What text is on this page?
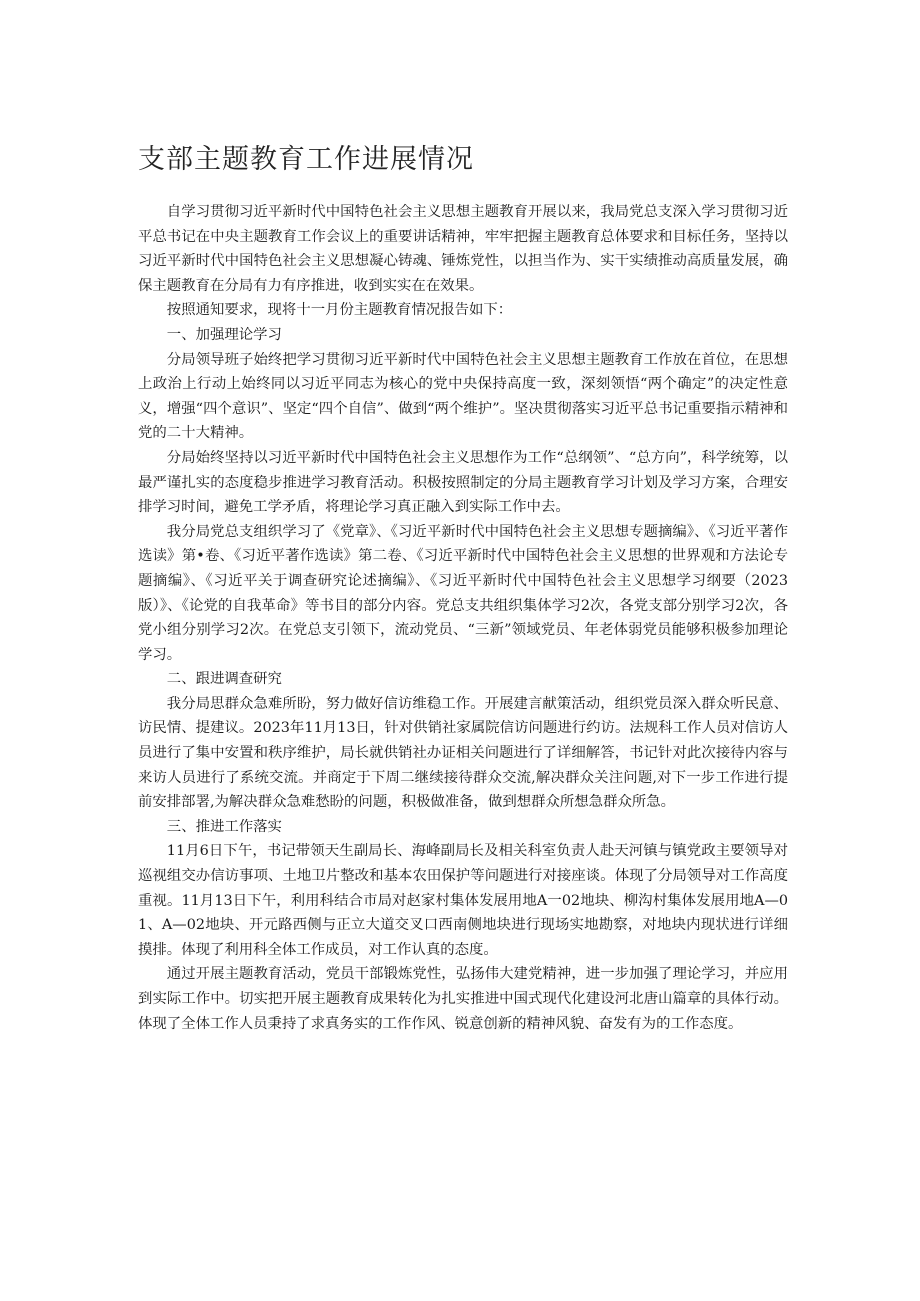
支部主题教育工作进展情况

自学习贯彻习近平新时代中国特色社会主义思想主题教育开展以来，我局党总支深入学习贯彻习近平总书记在中央主题教育工作会议上的重要讲话精神，牢牢把握主题教育总体要求和目标任务，坚持以习近平新时代中国特色社会主义思想凝心铸魂、锤炼党性，以担当作为、实干实绩推动高质量发展，确保主题教育在分局有力有序推进，收到实实在在效果。

按照通知要求，现将十一月份主题教育情况报告如下：

一、加强理论学习

分局领导班子始终把学习贯彻习近平新时代中国特色社会主义思想主题教育工作放在首位，在思想上政治上行动上始终同以习近平同志为核心的党中央保持高度一致，深刻领悟“两个确定”的决定性意义，增强“四个意识”、坚定“四个自信”、做到“两个维护”。坚决贯彻落实习近平总书记重要指示精神和党的二十大精神。

分局始终坚持以习近平新时代中国特色社会主义思想作为工作“总纲领”、“总方向”，科学统筹，以最严谨扎实的态度稳步推进学习教育活动。积极按照制定的分局主题教育学习计划及学习方案，合理安排学习时间，避免工学矛盾，将理论学习真正融入到实际工作中去。

我分局党总支组织学习了《党章》、《习近平新时代中国特色社会主义思想专题摘编》、《习近平著作选读》第•卷、《习近平著作选读》第二卷、《习近平新时代中国特色社会主义思想的世界观和方法论专题摘编》、《习近平关于调查研究论述摘编》、《习近平新时代中国特色社会主义思想学习纲要（2023版）》、《论党的自我革命》等书目的部分内容。党总支共组织集体学习2次，各党支部分别学习2次，各党小组分别学习2次。在党总支引领下，流动党员、“三新”领域党员、年老体弱党员能够积极参加理论学习。

二、跟进调查研究

我分局思群众急难所盼，努力做好信访维稳工作。开展建言献策活动，组织党员深入群众听民意、访民情、提建议。2023年11月13日，针对供销社家属院信访问题进行约访。法规科工作人员对信访人员进行了集中安置和秩序维护，局长就供销社办证相关问题进行了详细解答，书记针对此次接待内容与来访人员进行了系统交流。并商定于下周二继续接待群众交流,解决群众关注问题,对下一步工作进行提前安排部署,为解决群众急难愁盼的问题，积极做准备，做到想群众所想急群众所急。

三、推进工作落实

11月6日下午，书记带领天生副局长、海峰副局长及相关科室负责人赴天河镇与镇党政主要领导对巡视组交办信访事项、土地卫片整改和基本农田保护等问题进行对接座谈。体现了分局领导对工作高度重视。11月13日下午，利用科结合市局对赵家村集体发展用地A一02地块、柳沟村集体发展用地A—01、A—02地块、开元路西侧与正立大道交叉口西南侧地块进行现场实地勘察，对地块内现状进行详细摸排。体现了利用科全体工作成员，对工作认真的态度。

通过开展主题教育活动，党员干部锻炼党性，弘扬伟大建党精神，进一步加强了理论学习，并应用到实际工作中。切实把开展主题教育成果转化为扎实推进中国式现代化建设河北唐山篇章的具体行动。体现了全体工作人员秉持了求真务实的工作作风、锐意创新的精神风貌、奋发有为的工作态度。
